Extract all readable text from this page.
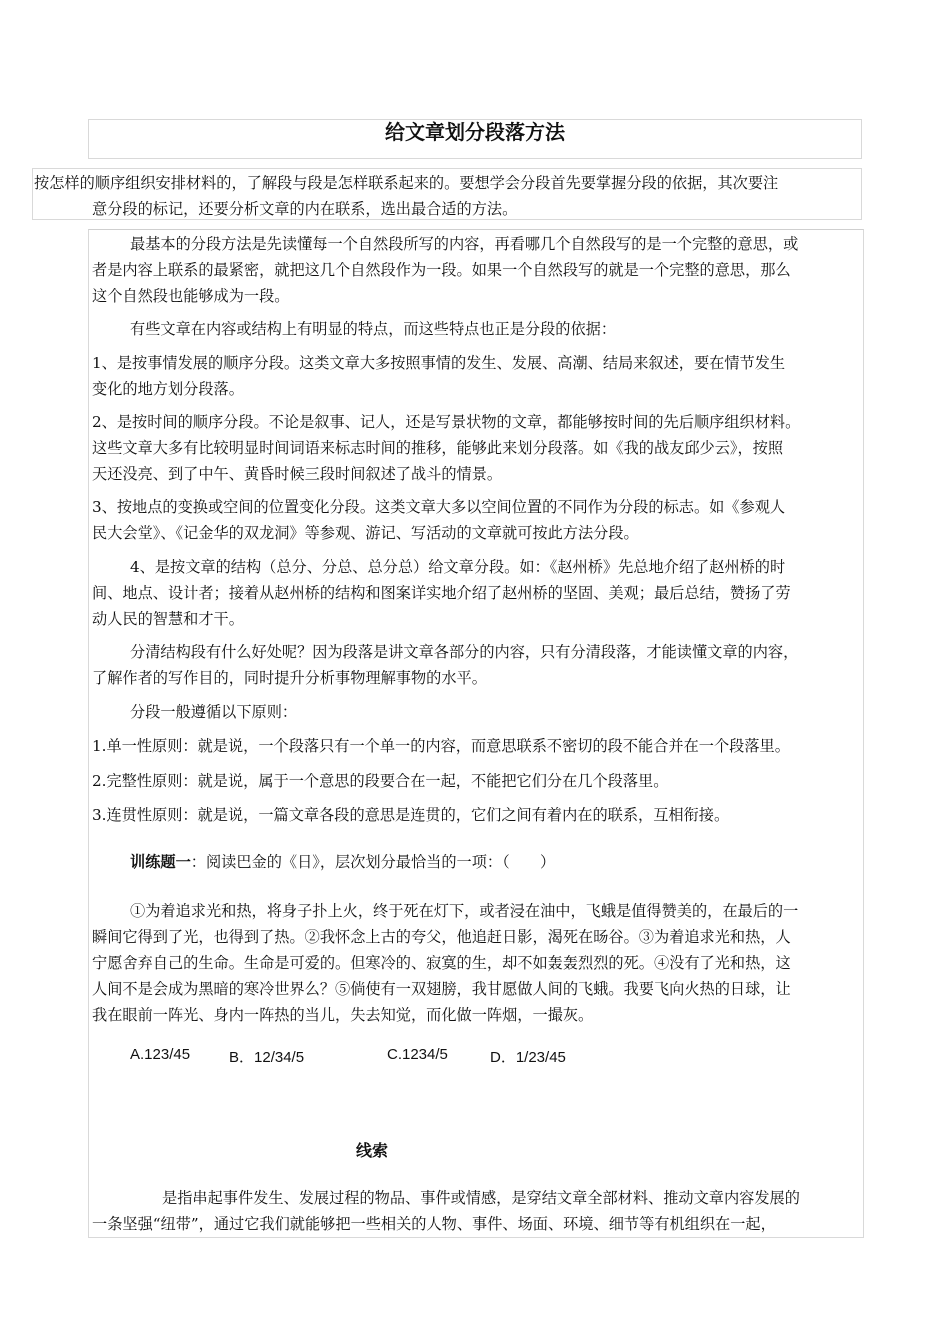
给文章划分段落方法

按怎样的顺序组织安排材料的，了解段与段是怎样联系起来的。要想学会分段首先要掌握分段的依据，其次要注

意分段的标记，还要分析文章的内在联系，选出最合适的方法。

最基本的分段方法是先读懂每一个自然段所写的内容，再看哪几个自然段写的是一个完整的意思，或

者是内容上联系的最紧密，就把这几个自然段作为一段。如果一个自然段写的就是一个完整的意思，那么

这个自然段也能够成为一段。

有些文章在内容或结构上有明显的特点，而这些特点也正是分段的依据：

1、是按事情发展的顺序分段。这类文章大多按照事情的发生、发展、高潮、结局来叙述，要在情节发生

变化的地方划分段落。

2、是按时间的顺序分段。不论是叙事、记人，还是写景状物的文章，都能够按时间的先后顺序组织材料。

这些文章大多有比较明显时间词语来标志时间的推移，能够此来划分段落。如《我的战友邱少云》，按照

天还没亮、到了中午、黄昏时候三段时间叙述了战斗的情景。

3、按地点的变换或空间的位置变化分段。这类文章大多以空间位置的不同作为分段的标志。如《参观人

民大会堂》、《记金华的双龙洞》等参观、游记、写活动的文章就可按此方法分段。

4、是按文章的结构（总分、分总、总分总）给文章分段。如：《赵州桥》先总地介绍了赵州桥的时

间、地点、设计者；接着从赵州桥的结构和图案详实地介绍了赵州桥的坚固、美观；最后总结，赞扬了劳

动人民的智慧和才干。

分清结构段有什么好处呢？因为段落是讲文章各部分的内容，只有分清段落，才能读懂文章的内容，

了解作者的写作目的，同时提升分析事物理解事物的水平。

分段一般遵循以下原则：

1.单一性原则：就是说，一个段落只有一个单一的内容，而意思联系不密切的段不能合并在一个段落里。

2.完整性原则：就是说，属于一个意思的段要合在一起，不能把它们分在几个段落里。

3.连贯性原则：就是说，一篇文章各段的意思是连贯的，它们之间有着内在的联系，互相衔接。

训练题一：阅读巴金的《日》，层次划分最恰当的一项：（　　）

①为着追求光和热，将身子扑上火，终于死在灯下，或者浸在油中，飞蛾是值得赞美的，在最后的一

瞬间它得到了光，也得到了热。②我怀念上古的夸父，他追赶日影，渴死在旸谷。③为着追求光和热，人

宁愿舍弃自己的生命。生命是可爱的。但寒冷的、寂寞的生，却不如轰轰烈烈的死。④没有了光和热，这

人间不是会成为黑暗的寒冷世界么？⑤倘使有一双翅膀，我甘愿做人间的飞蛾。我要飞向火热的日球，让

我在眼前一阵光、身内一阵热的当儿，失去知觉，而化做一阵烟，一撮灰。

A.123/45	B．12/34/5	C.1234/5	D．1/23/45
线索

是指串起事件发生、发展过程的物品、事件或情感，是穿结文章全部材料、推动文章内容发展的

一条坚强“纽带”，通过它我们就能够把一些相关的人物、事件、场面、环境、细节等有机组织在一起，
